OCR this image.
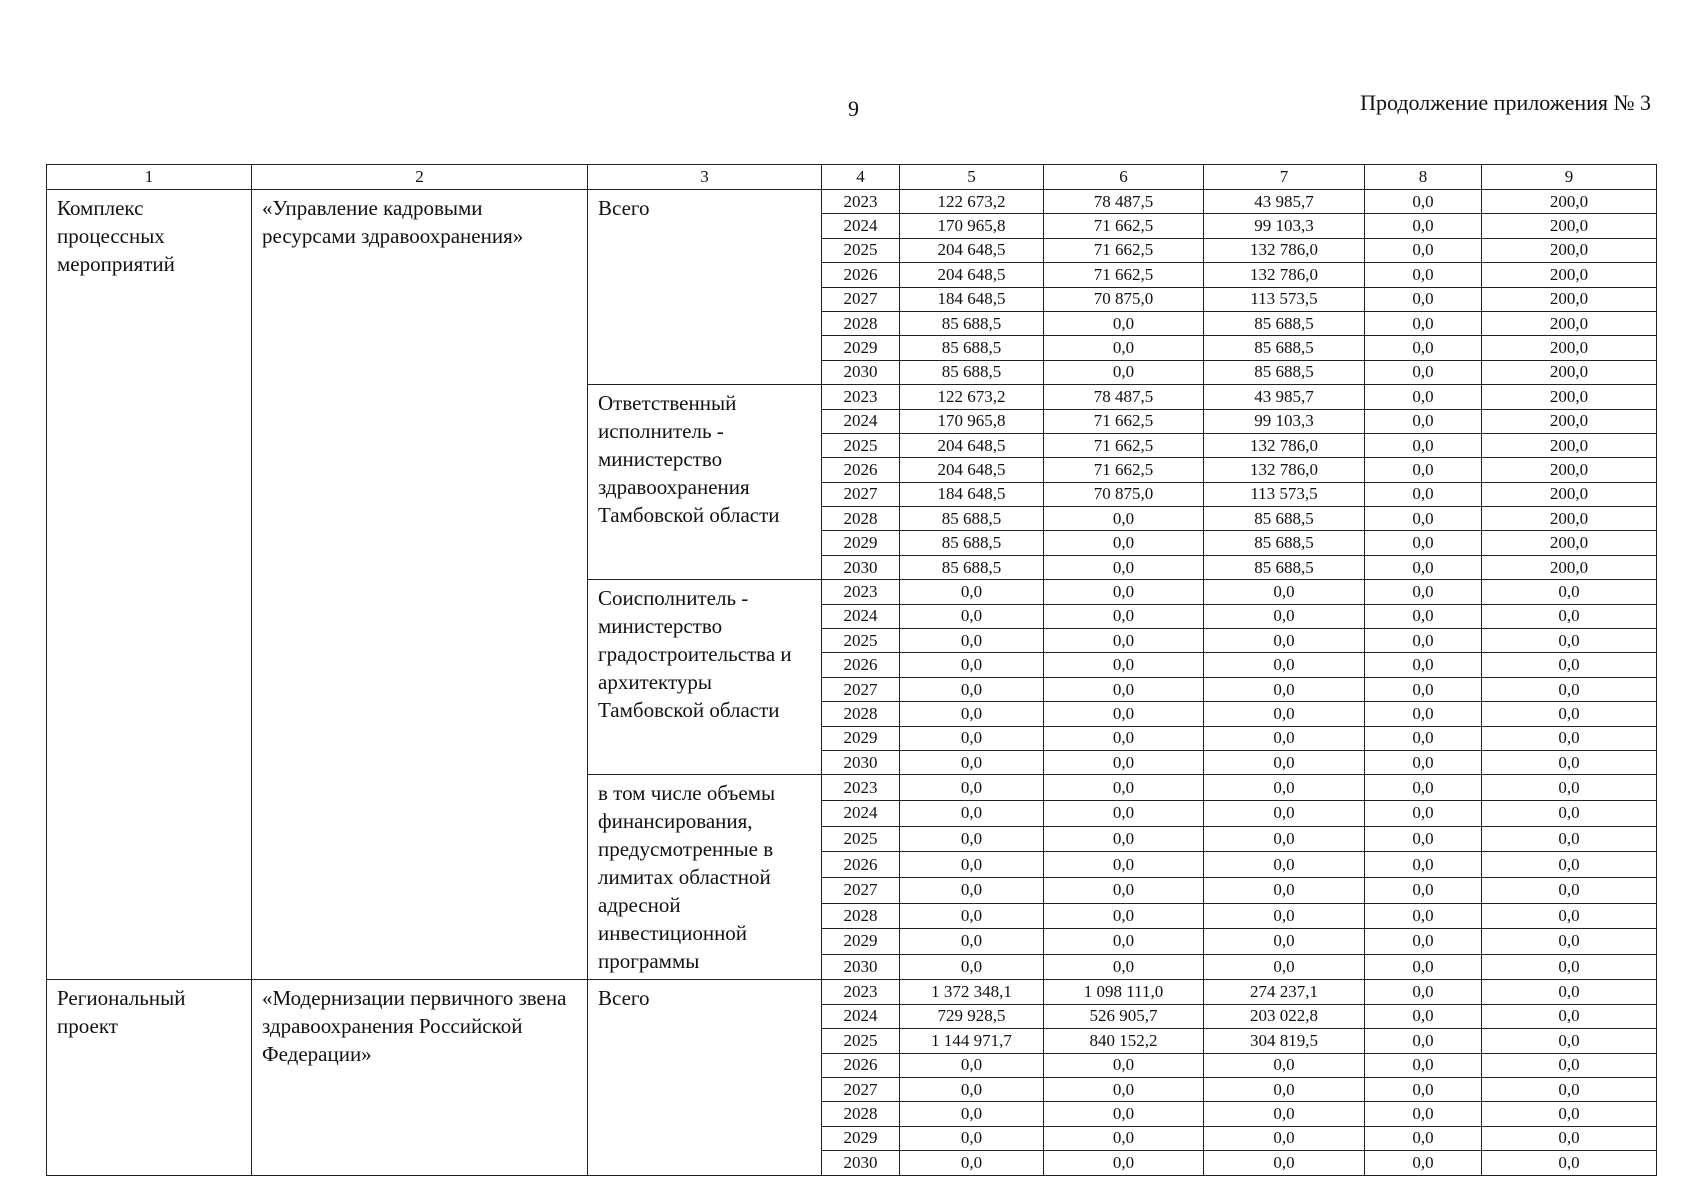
9	Продолжение приложения № 3
1	2	3	4	5	6	7	8	9
Комплекс процессных мероприятий	«Управление кадровыми ресурсами здравоохранения»	Всего	2023	122 673,2	78 487,5	43 985,7	0,0	200,0
			2024	170 965,8	71 662,5	99 103,3	0,0	200,0
			2025	204 648,5	71 662,5	132 786,0	0,0	200,0
			2026	204 648,5	71 662,5	132 786,0	0,0	200,0
			2027	184 648,5	70 875,0	113 573,5	0,0	200,0
			2028	85 688,5	0,0	85 688,5	0,0	200,0
			2029	85 688,5	0,0	85 688,5	0,0	200,0
			2030	85 688,5	0,0	85 688,5	0,0	200,0
		Ответственный исполнитель - министерство здравоохранения Тамбовской области	2023	122 673,2	78 487,5	43 985,7	0,0	200,0
			2024	170 965,8	71 662,5	99 103,3	0,0	200,0
			2025	204 648,5	71 662,5	132 786,0	0,0	200,0
			2026	204 648,5	71 662,5	132 786,0	0,0	200,0
			2027	184 648,5	70 875,0	113 573,5	0,0	200,0
			2028	85 688,5	0,0	85 688,5	0,0	200,0
			2029	85 688,5	0,0	85 688,5	0,0	200,0
			2030	85 688,5	0,0	85 688,5	0,0	200,0
		Соисполнитель - министерство градостроительства и архитектуры Тамбовской области	2023	0,0	0,0	0,0	0,0	0,0
			2024	0,0	0,0	0,0	0,0	0,0
			2025	0,0	0,0	0,0	0,0	0,0
			2026	0,0	0,0	0,0	0,0	0,0
			2027	0,0	0,0	0,0	0,0	0,0
			2028	0,0	0,0	0,0	0,0	0,0
			2029	0,0	0,0	0,0	0,0	0,0
			2030	0,0	0,0	0,0	0,0	0,0
		в том числе объемы финансирования, предусмотренные в лимитах областной адресной инвестиционной программы	2023	0,0	0,0	0,0	0,0	0,0
			2024	0,0	0,0	0,0	0,0	0,0
			2025	0,0	0,0	0,0	0,0	0,0
			2026	0,0	0,0	0,0	0,0	0,0
			2027	0,0	0,0	0,0	0,0	0,0
			2028	0,0	0,0	0,0	0,0	0,0
			2029	0,0	0,0	0,0	0,0	0,0
			2030	0,0	0,0	0,0	0,0	0,0
Региональный проект	«Модернизации первичного звена здравоохранения Российской Федерации»	Всего	2023	1 372 348,1	1 098 111,0	274 237,1	0,0	0,0
			2024	729 928,5	526 905,7	203 022,8	0,0	0,0
			2025	1 144 971,7	840 152,2	304 819,5	0,0	0,0
			2026	0,0	0,0	0,0	0,0	0,0
			2027	0,0	0,0	0,0	0,0	0,0
			2028	0,0	0,0	0,0	0,0	0,0
			2029	0,0	0,0	0,0	0,0	0,0
			2030	0,0	0,0	0,0	0,0	0,0
